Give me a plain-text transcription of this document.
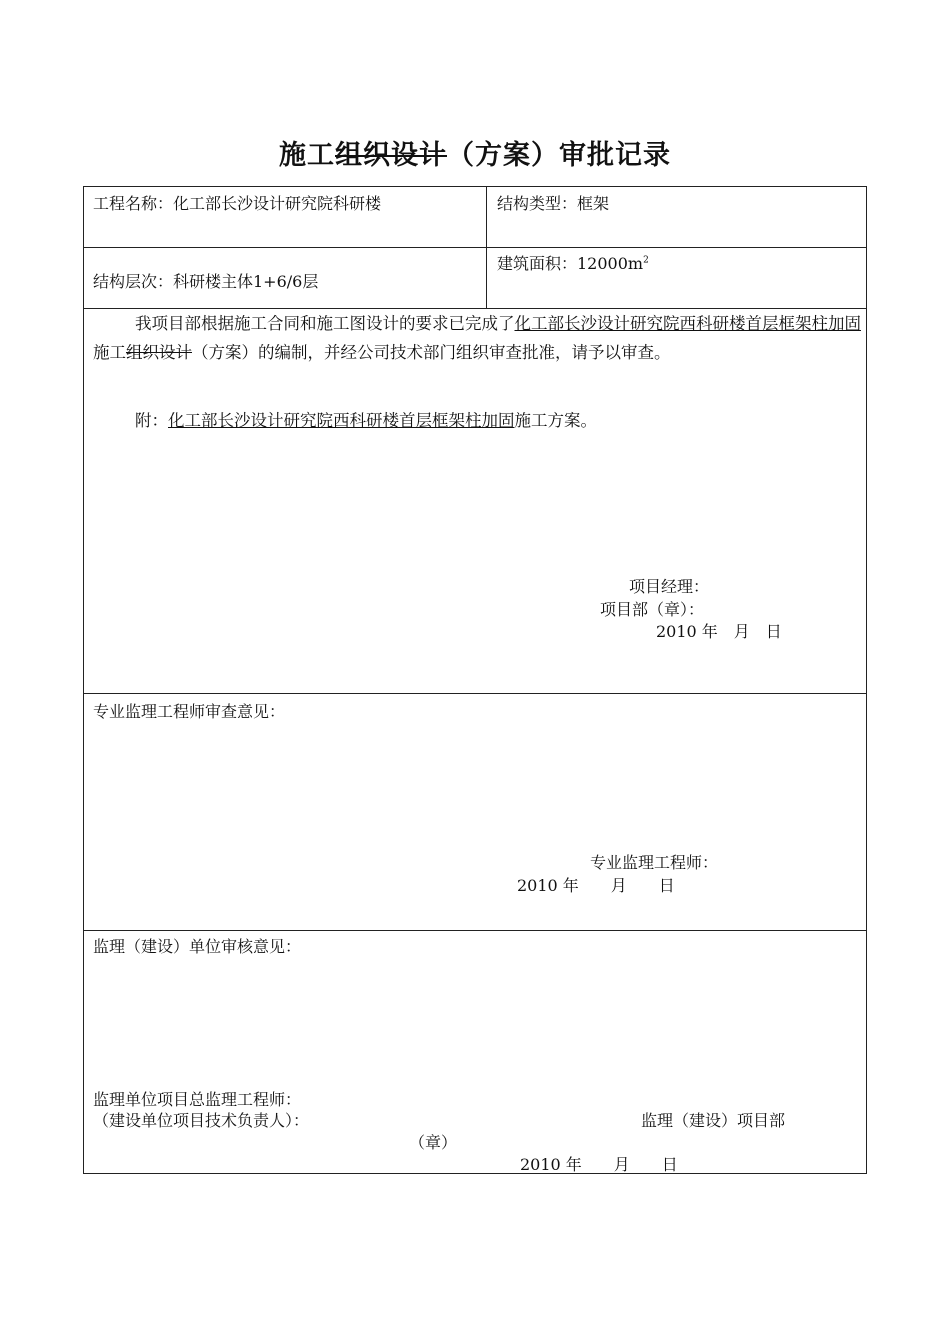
施工组织设计（方案）审批记录
工程名称：化工部长沙设计研究院科研楼	结构类型：框架
结构层次：科研楼主体1+6/6层
建筑面积：$12000m^2$
我项目部根据施工合同和施工图设计的要求已完成了化工部长沙设计研究院西科研楼首层框架柱加固施工组织设计（方案）的编制，并经公司技术部门组织审查批准，请予以审查。
附：化工部长沙设计研究院西科研楼首层框架柱加固施工方案。
项目经理：
项目部（章）：
2010 年　月　日
专业监理工程师审查意见：
专业监理工程师：
2010 年　　月　　日
监理（建设）单位审核意见：
监理单位项目总监理工程师：
（建设单位项目技术负责人）：	监理（建设）项目部
（章）
2010 年　　月　　日
